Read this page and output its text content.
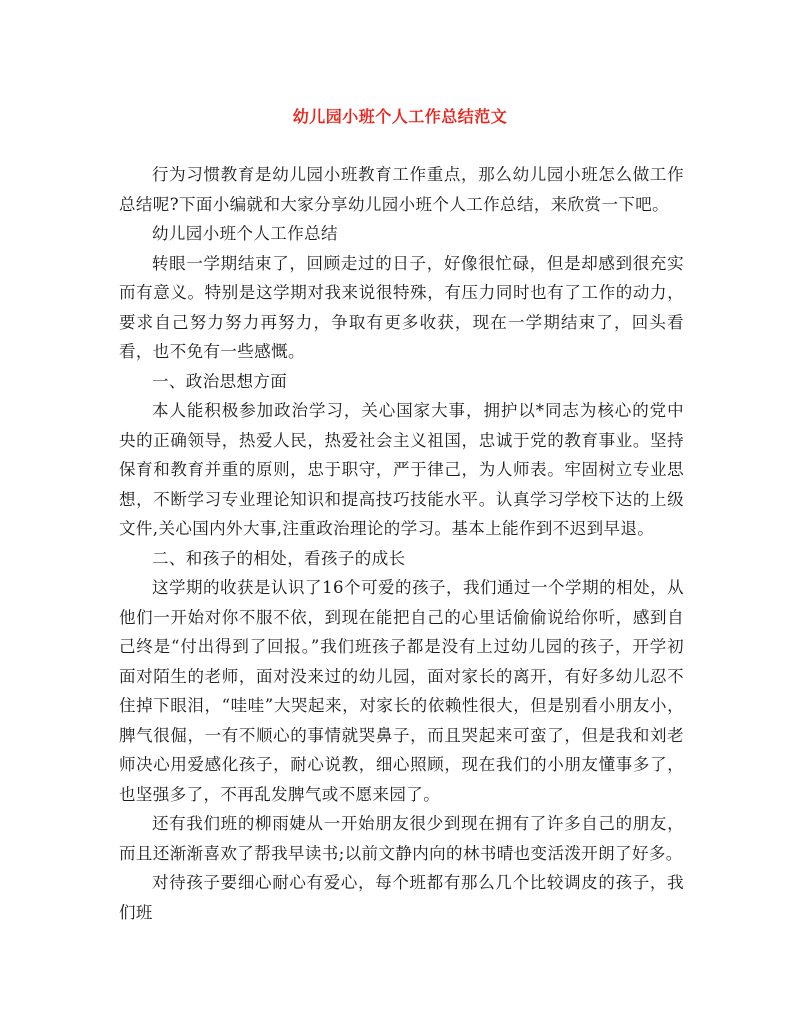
幼儿园小班个人工作总结范文

行为习惯教育是幼儿园小班教育工作重点，那么幼儿园小班怎么做工作总结呢?下面小编就和大家分享幼儿园小班个人工作总结，来欣赏一下吧。

幼儿园小班个人工作总结

转眼一学期结束了，回顾走过的日子，好像很忙碌，但是却感到很充实而有意义。特别是这学期对我来说很特殊，有压力同时也有了工作的动力，要求自己努力努力再努力，争取有更多收获，现在一学期结束了，回头看看，也不免有一些感慨。

一、政治思想方面

本人能积极参加政治学习，关心国家大事，拥护以*同志为核心的党中央的正确领导，热爱人民，热爱社会主义祖国，忠诚于党的教育事业。坚持保育和教育并重的原则，忠于职守，严于律己，为人师表。牢固树立专业思想，不断学习专业理论知识和提高技巧技能水平。认真学习学校下达的上级文件,关心国内外大事,注重政治理论的学习。基本上能作到不迟到早退。

二、和孩子的相处，看孩子的成长

这学期的收获是认识了16个可爱的孩子，我们通过一个学期的相处，从他们一开始对你不服不依，到现在能把自己的心里话偷偷说给你听，感到自己终是“付出得到了回报。”我们班孩子都是没有上过幼儿园的孩子，开学初面对陌生的老师，面对没来过的幼儿园，面对家长的离开，有好多幼儿忍不住掉下眼泪，“哇哇”大哭起来，对家长的依赖性很大，但是别看小朋友小，脾气很倔，一有不顺心的事情就哭鼻子，而且哭起来可蛮了，但是我和刘老师决心用爱感化孩子，耐心说教，细心照顾，现在我们的小朋友懂事多了，也坚强多了，不再乱发脾气或不愿来园了。

还有我们班的柳雨婕从一开始朋友很少到现在拥有了许多自己的朋友，而且还渐渐喜欢了帮我早读书;以前文静内向的林书晴也变活泼开朗了好多。

对待孩子要细心耐心有爱心，每个班都有那么几个比较调皮的孩子，我们班
